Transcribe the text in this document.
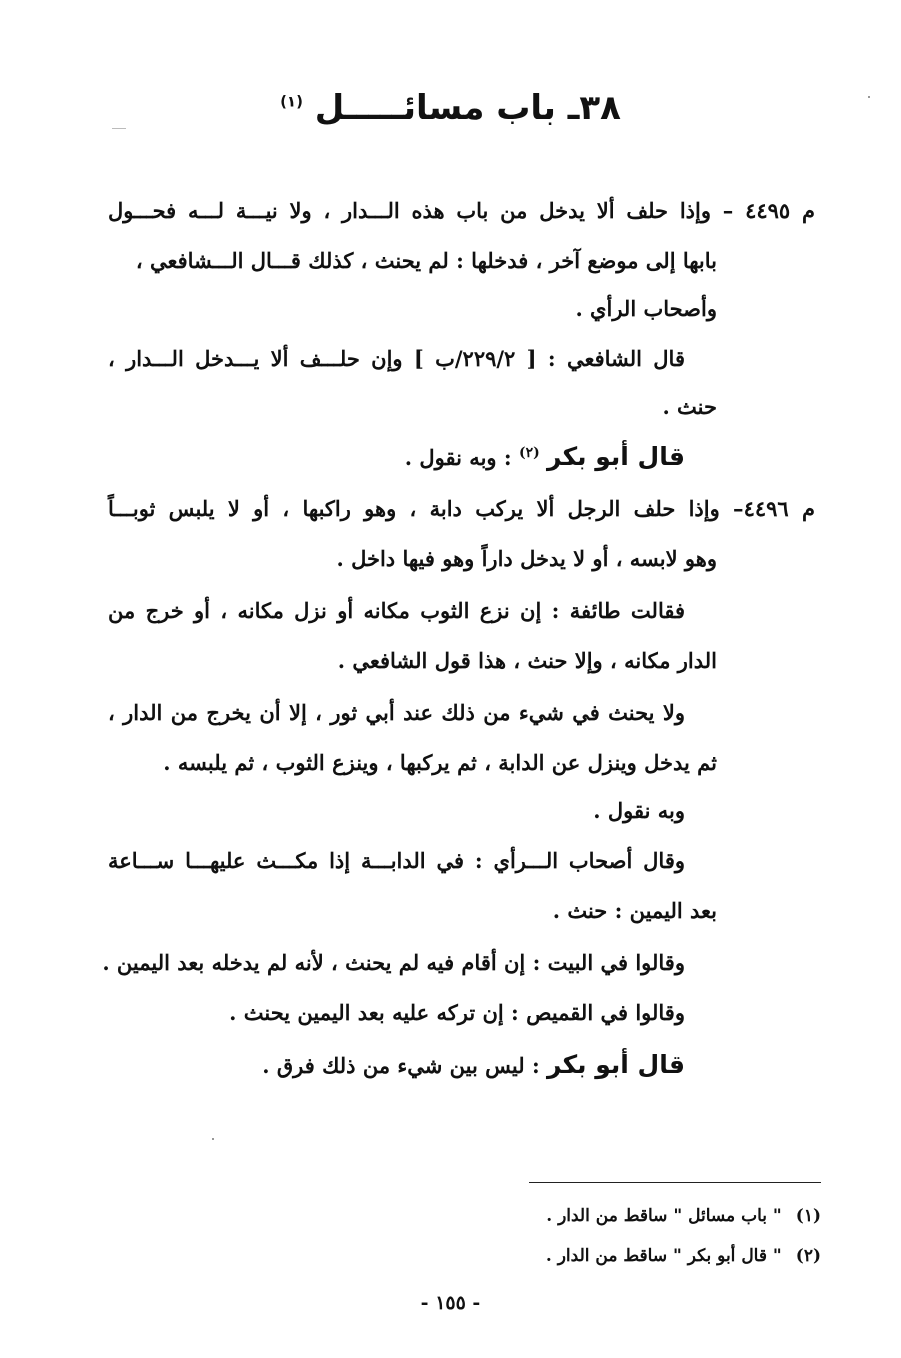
٣٨ـ باب مسائـــــل $^{(١)}$
م ٤٤٩٥ – وإذا حلف ألا يدخل من باب هذه الـــدار ، ولا نيـــة لـــه فحـــول
بابها إلى موضع آخر ، فدخلها : لم يحنث ، كذلك قـــال الـــشافعي ،
وأصحاب الرأي .
قال الشافعي : [ ٢٢٩/٢/ب ] وإن حلـــف ألا يـــدخل الـــدار ،
حنث .
قال أبو بكر $^{(٢)}$ : وبه نقول .
م ٤٤٩٦– وإذا حلف الرجل ألا يركب دابة ، وهو راكبها ، أو لا يلبس ثوبـــاً
وهو لابسه ، أو لا يدخل داراً وهو فيها داخل .
فقالت طائفة : إن نزع الثوب مكانه أو نزل مكانه ، أو خرج من
الدار مكانه ، وإلا حنث ، هذا قول الشافعي .
ولا يحنث في شيء من ذلك عند أبي ثور ، إلا أن يخرج من الدار ،
ثم يدخل وينزل عن الدابة ، ثم يركبها ، وينزع الثوب ، ثم يلبسه .
وبه نقول .
وقال أصحاب الـــرأي : في الدابـــة إذا مكـــث عليهـــا ســـاعة
بعد اليمين : حنث .
وقالوا في البيت : إن أقام فيه لم يحنث ، لأنه لم يدخله بعد اليمين .
وقالوا في القميص : إن تركه عليه بعد اليمين يحنث .
قال أبو بكر : ليس بين شيء من ذلك فرق .
(١)" باب مسائل " ساقط من الدار .
(٢)" قال أبو بكر " ساقط من الدار .
- ١٥٥ -
